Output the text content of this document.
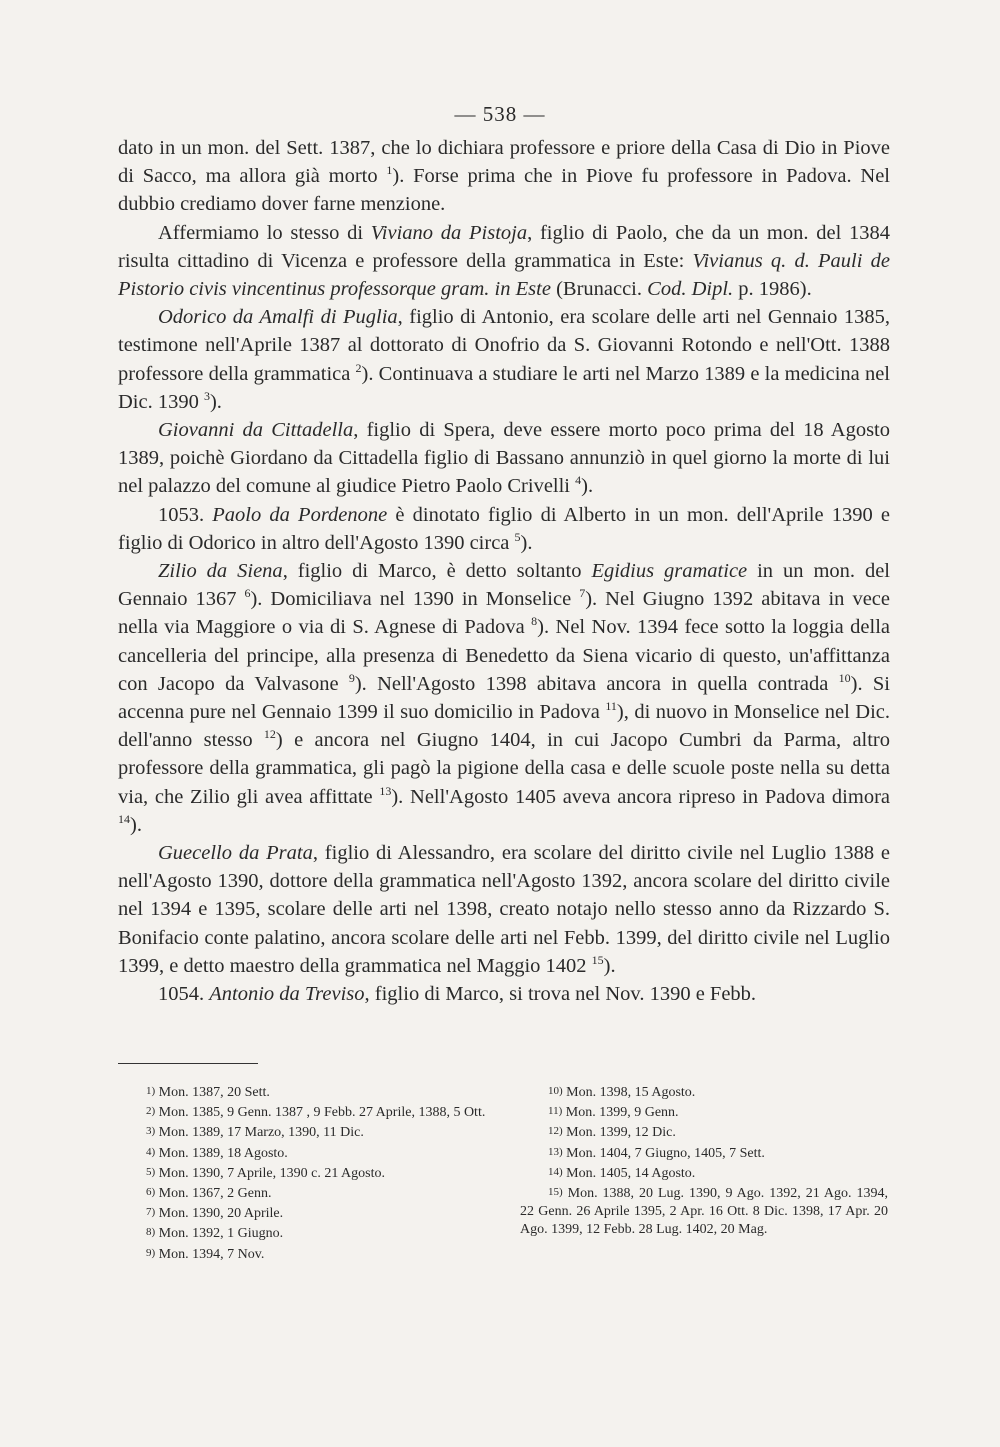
— 538 —

dato in un mon. del Sett. 1387, che lo dichiara professore e priore della Casa di Dio in Piove di Sacco, ma allora già morto $^1$). Forse prima che in Piove fu professore in Padova. Nel dubbio crediamo dover farne menzione.

Affermiamo lo stesso di Viviano da Pistoja, figlio di Paolo, che da un mon. del 1384 risulta cittadino di Vicenza e professore della grammatica in Este: Vivianus q. d. Pauli de Pistorio civis vincentinus professorque gram. in Este (Brunacci. Cod. Dipl. p. 1986).

Odorico da Amalfi di Puglia, figlio di Antonio, era scolare delle arti nel Gennaio 1385, testimone nell'Aprile 1387 al dottorato di Onofrio da S. Giovanni Rotondo e nell'Ott. 1388 professore della grammatica $^2$). Continuava a studiare le arti nel Marzo 1389 e la medicina nel Dic. 1390 $^3$).

Giovanni da Cittadella, figlio di Spera, deve essere morto poco prima del 18 Agosto 1389, poichè Giordano da Cittadella figlio di Bassano annunziò in quel giorno la morte di lui nel palazzo del comune al giudice Pietro Paolo Crivelli $^4$).

1053. Paolo da Pordenone è dinotato figlio di Alberto in un mon. dell'Aprile 1390 e figlio di Odorico in altro dell'Agosto 1390 circa $^5$).

Zilio da Siena, figlio di Marco, è detto soltanto Egidius gramatice in un mon. del Gennaio 1367 $^6$). Domiciliava nel 1390 in Monselice $^7$). Nel Giugno 1392 abitava in vece nella via Maggiore o via di S. Agnese di Padova $^8$). Nel Nov. 1394 fece sotto la loggia della cancelleria del principe, alla presenza di Benedetto da Siena vicario di questo, un'affittanza con Jacopo da Valvasone $^9$). Nell'Agosto 1398 abitava ancora in quella contrada $^{10}$). Si accenna pure nel Gennaio 1399 il suo domicilio in Padova $^{11}$), di nuovo in Monselice nel Dic. dell'anno stesso $^{12}$) e ancora nel Giugno 1404, in cui Jacopo Cumbri da Parma, altro professore della grammatica, gli pagò la pigione della casa e delle scuole poste nella su detta via, che Zilio gli avea affittate $^{13}$). Nell'Agosto 1405 aveva ancora ripreso in Padova dimora $^{14}$).

Guecello da Prata, figlio di Alessandro, era scolare del diritto civile nel Luglio 1388 e nell'Agosto 1390, dottore della grammatica nell'Agosto 1392, ancora scolare del diritto civile nel 1394 e 1395, scolare delle arti nel 1398, creato notajo nello stesso anno da Rizzardo S. Bonifacio conte palatino, ancora scolare delle arti nel Febb. 1399, del diritto civile nel Luglio 1399, e detto maestro della grammatica nel Maggio 1402 $^{15}$).

1054. Antonio da Treviso, figlio di Marco, si trova nel Nov. 1390 e Febb.

1) Mon. 1387, 20 Sett.
2) Mon. 1385, 9 Genn. 1387 , 9 Febb. 27 Aprile, 1388, 5 Ott.
3) Mon. 1389, 17 Marzo, 1390, 11 Dic.
4) Mon. 1389, 18 Agosto.
5) Mon. 1390, 7 Aprile, 1390 c. 21 Agosto.
6) Mon. 1367, 2 Genn.
7) Mon. 1390, 20 Aprile.
8) Mon. 1392, 1 Giugno.
9) Mon. 1394, 7 Nov.
10) Mon. 1398, 15 Agosto.
11) Mon. 1399, 9 Genn.
12) Mon. 1399, 12 Dic.
13) Mon. 1404, 7 Giugno, 1405, 7 Sett.
14) Mon. 1405, 14 Agosto.
15) Mon. 1388, 20 Lug. 1390, 9 Ago. 1392, 21 Ago. 1394, 22 Genn. 26 Aprile 1395, 2 Apr. 16 Ott. 8 Dic. 1398, 17 Apr. 20 Ago. 1399, 12 Febb. 28 Lug. 1402, 20 Mag.
